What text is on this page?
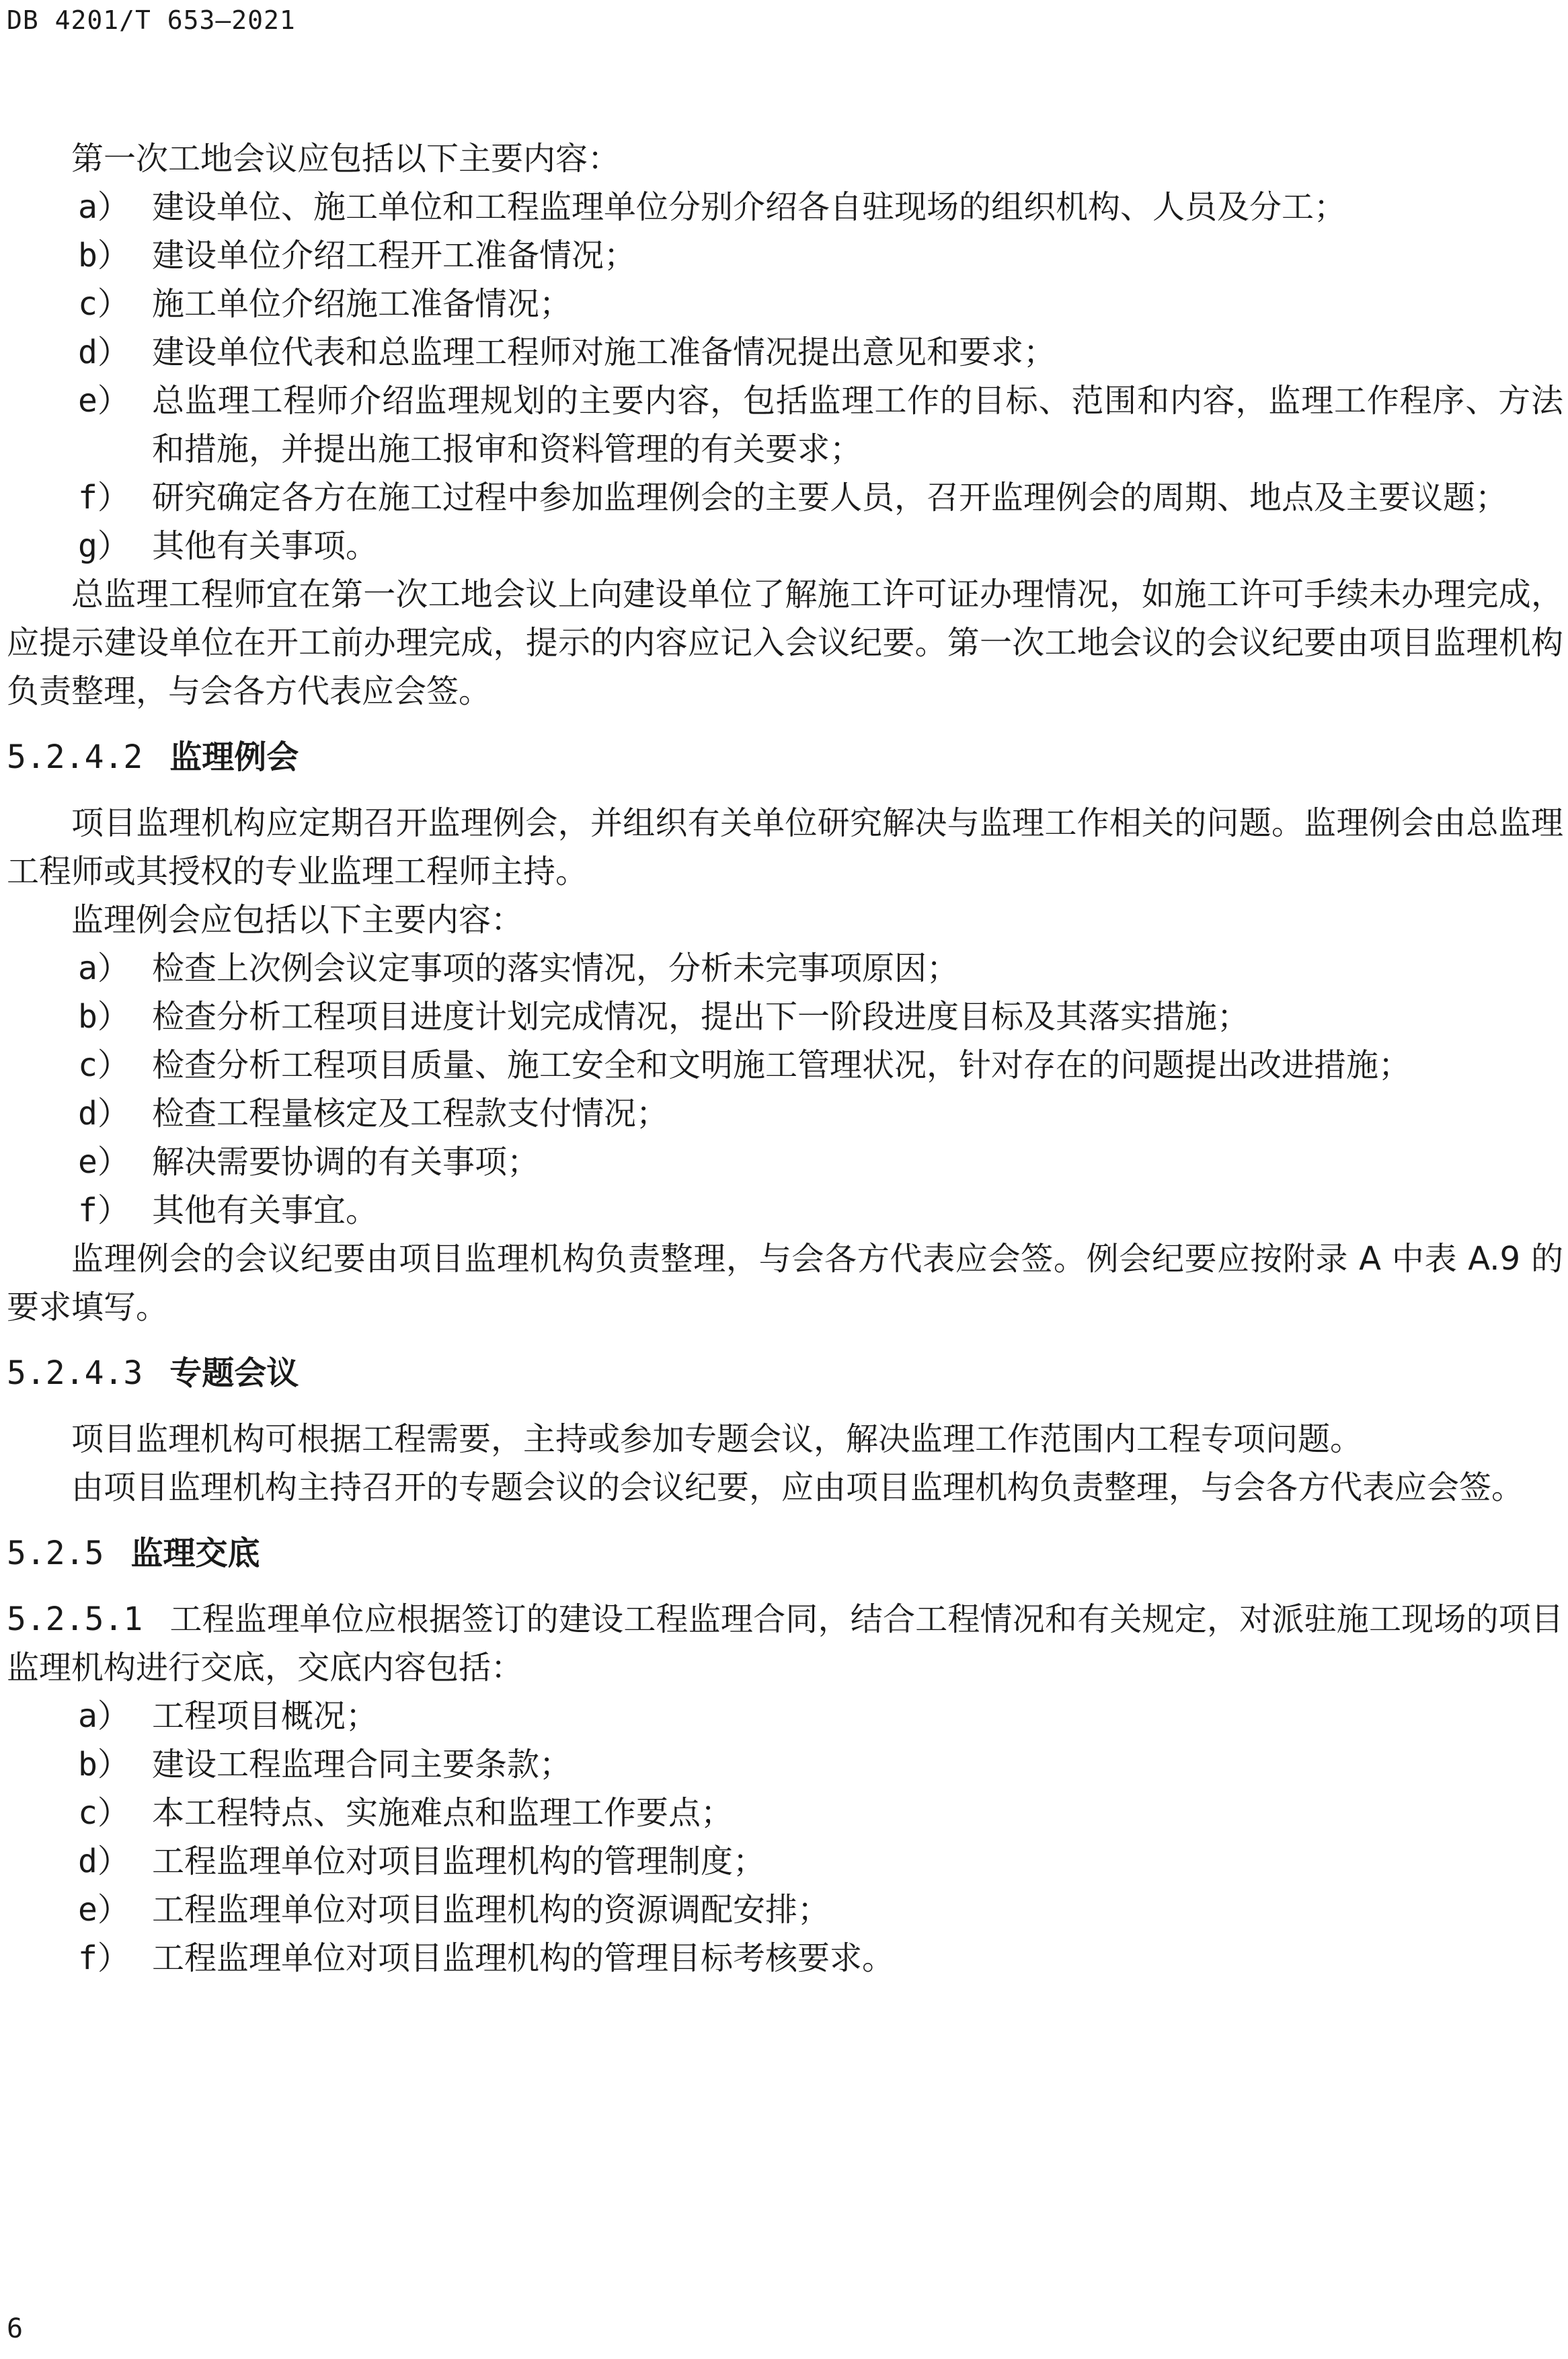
DB 4201/T 653—2021

第一次工地会议应包括以下主要内容：

a） 建设单位、施工单位和工程监理单位分别介绍各自驻现场的组织机构、人员及分工；
b） 建设单位介绍工程开工准备情况；
c） 施工单位介绍施工准备情况；
d） 建设单位代表和总监理工程师对施工准备情况提出意见和要求；
e） 总监理工程师介绍监理规划的主要内容，包括监理工作的目标、范围和内容，监理工作程序、方法和措施，并提出施工报审和资料管理的有关要求；
f） 研究确定各方在施工过程中参加监理例会的主要人员，召开监理例会的周期、地点及主要议题；
g） 其他有关事项。

总监理工程师宜在第一次工地会议上向建设单位了解施工许可证办理情况，如施工许可手续未办理完成，应提示建设单位在开工前办理完成，提示的内容应记入会议纪要。第一次工地会议的会议纪要由项目监理机构负责整理，与会各方代表应会签。

5.2.4.2 监理例会

项目监理机构应定期召开监理例会，并组织有关单位研究解决与监理工作相关的问题。监理例会由总监理工程师或其授权的专业监理工程师主持。

监理例会应包括以下主要内容：

a） 检查上次例会议定事项的落实情况，分析未完事项原因；
b） 检查分析工程项目进度计划完成情况，提出下一阶段进度目标及其落实措施；
c） 检查分析工程项目质量、施工安全和文明施工管理状况，针对存在的问题提出改进措施；
d） 检查工程量核定及工程款支付情况；
e） 解决需要协调的有关事项；
f） 其他有关事宜。

监理例会的会议纪要由项目监理机构负责整理，与会各方代表应会签。例会纪要应按附录 A 中表 A.9 的要求填写。

5.2.4.3 专题会议

项目监理机构可根据工程需要，主持或参加专题会议，解决监理工作范围内工程专项问题。

由项目监理机构主持召开的专题会议的会议纪要，应由项目监理机构负责整理，与会各方代表应会签。

5.2.5 监理交底

5.2.5.1 工程监理单位应根据签订的建设工程监理合同，结合工程情况和有关规定，对派驻施工现场的项目监理机构进行交底，交底内容包括：

a） 工程项目概况；
b） 建设工程监理合同主要条款；
c） 本工程特点、实施难点和监理工作要点；
d） 工程监理单位对项目监理机构的管理制度；
e） 工程监理单位对项目监理机构的资源调配安排；
f） 工程监理单位对项目监理机构的管理目标考核要求。
6
